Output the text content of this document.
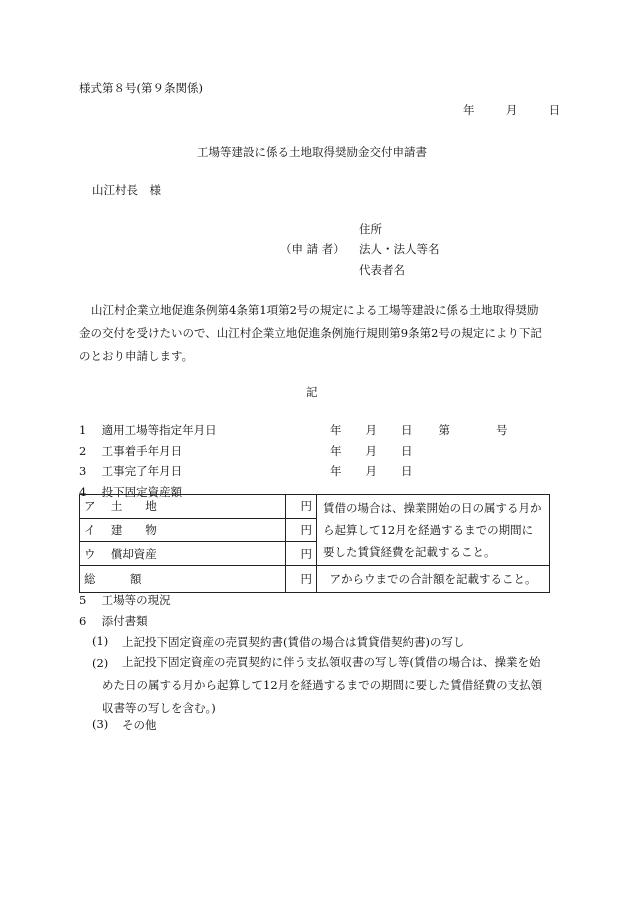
様式第８号(第９条関係)
年	月	日
工場等建設に係る土地取得奨励金交付申請書
山江村長　様
住所
（申 請 者） 法人・法人等名
代表者名
山江村企業立地促進条例第4条第1項第2号の規定による工場等建設に係る土地取得奨励金の交付を受けたいので、山江村企業立地促進条例施行規則第9条第2号の規定により下記のとおり申請します。
記
1 適用工場等指定年月日	年 月 日 第	号
2 工事着手年月日	年 月 日
3 工事完了年月日	年 月 日
4 投下固定資産額
ア 土　　地	円	賃借の場合は、操業開始の日の属する月から起算して12月を経過するまでの期間に要した賃貸経費を記載すること。
イ 建　　物	円	
ウ 償却資産	円	
総　　　額	円	アからウまでの合計額を記載すること。
5 工場等の現況
6 添付書類
(1) 上記投下固定資産の売買契約書(賃借の場合は賃貸借契約書)の写し
(2)	上記投下固定資産の売買契約に伴う支払領収書の写し等(賃借の場合は、操業を始めた日の属する月から起算して12月を経過するまでの期間に要した賃借経費の支払領収書等の写しを含む。)
(3) その他
